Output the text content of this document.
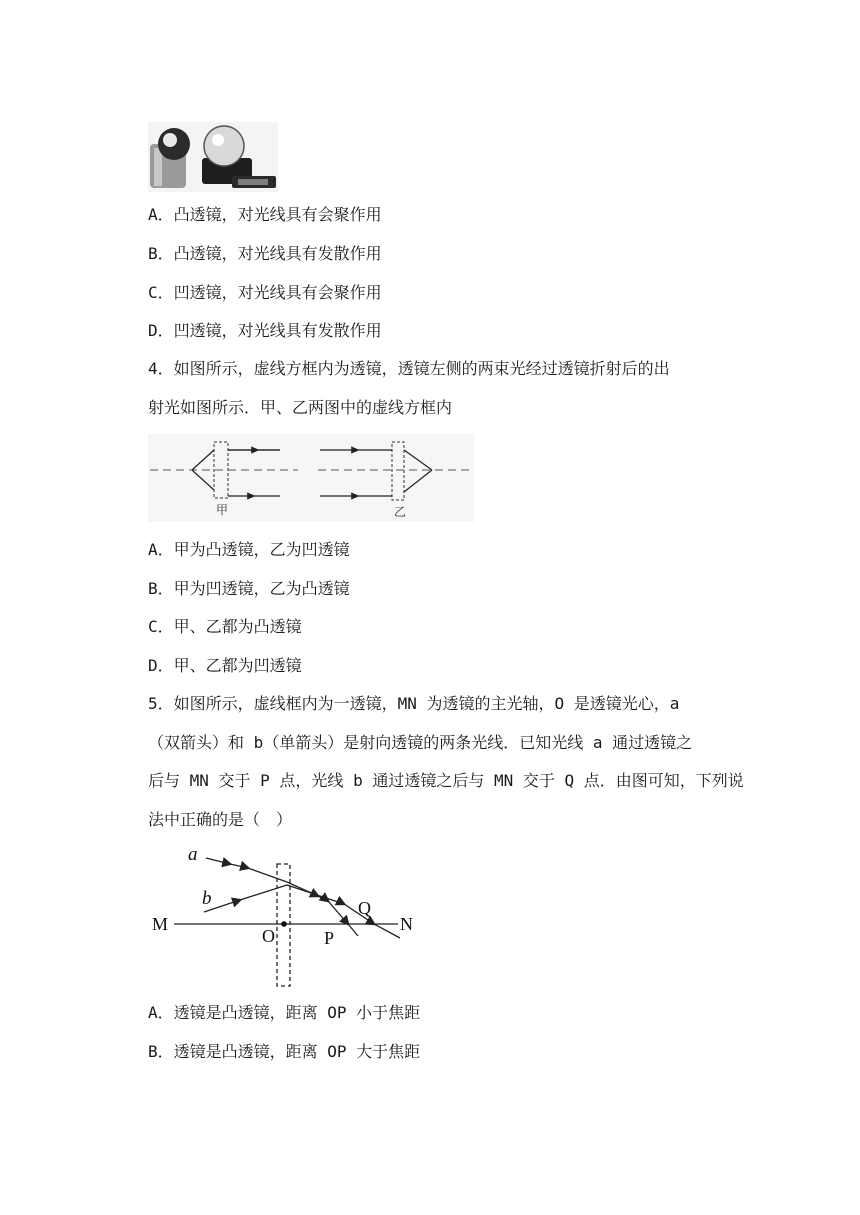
A．凸透镜，对光线具有会聚作用
B．凸透镜，对光线具有发散作用
C．凹透镜，对光线具有会聚作用
D．凹透镜，对光线具有发散作用
4．如图所示，虚线方框内为透镜，透镜左侧的两束光经过透镜折射后的出
射光如图所示．甲、乙两图中的虚线方框内
甲	乙
A．甲为凸透镜，乙为凹透镜
B．甲为凹透镜，乙为凸透镜
C．甲、乙都为凸透镜
D．甲、乙都为凹透镜
5．如图所示，虚线框内为一透镜，MN 为透镜的主光轴，O 是透镜光心，a
（双箭头）和 b（单箭头）是射向透镜的两条光线．已知光线 a 通过透镜之
后与 MN 交于 P 点，光线 b 通过透镜之后与 MN 交于 Q 点．由图可知，下列说
法中正确的是（　）
a
b
M	N
O	P
Q
A．透镜是凸透镜，距离 OP 小于焦距
B．透镜是凸透镜，距离 OP 大于焦距
